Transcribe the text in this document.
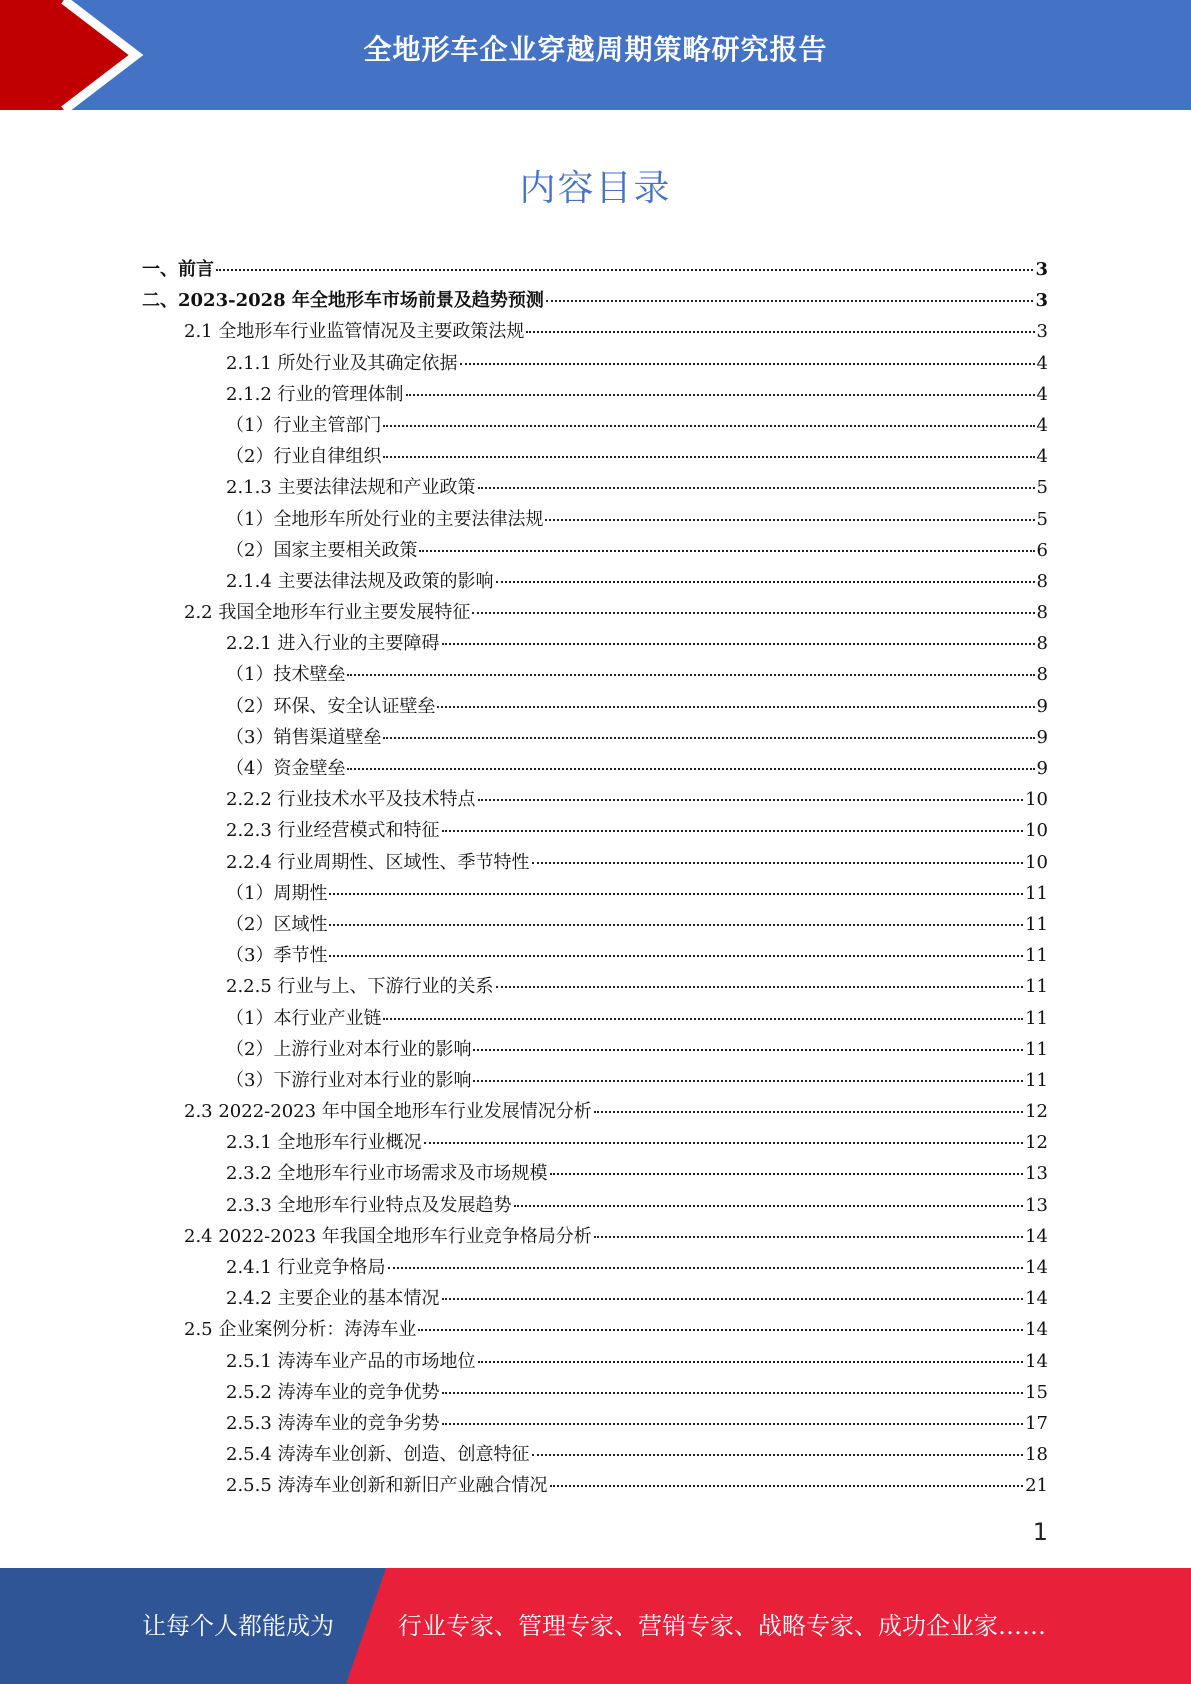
全地形车企业穿越周期策略研究报告
内容目录
一、前言	3
二、2023-2028 年全地形车市场前景及趋势预测	3
2.1 全地形车行业监管情况及主要政策法规	3
2.1.1 所处行业及其确定依据	4
2.1.2 行业的管理体制	4
（1）行业主管部门	4
（2）行业自律组织	4
2.1.3 主要法律法规和产业政策	5
（1）全地形车所处行业的主要法律法规	5
（2）国家主要相关政策	6
2.1.4 主要法律法规及政策的影响	8
2.2 我国全地形车行业主要发展特征	8
2.2.1 进入行业的主要障碍	8
（1）技术壁垒	8
（2）环保、安全认证壁垒	9
（3）销售渠道壁垒	9
（4）资金壁垒	9
2.2.2 行业技术水平及技术特点	10
2.2.3 行业经营模式和特征	10
2.2.4 行业周期性、区域性、季节特性	10
（1）周期性	11
（2）区域性	11
（3）季节性	11
2.2.5 行业与上、下游行业的关系	11
（1）本行业产业链	11
（2）上游行业对本行业的影响	11
（3）下游行业对本行业的影响	11
2.3 2022-2023 年中国全地形车行业发展情况分析	12
2.3.1 全地形车行业概况	12
2.3.2 全地形车行业市场需求及市场规模	13
2.3.3 全地形车行业特点及发展趋势	13
2.4 2022-2023 年我国全地形车行业竞争格局分析	14
2.4.1 行业竞争格局	14
2.4.2 主要企业的基本情况	14
2.5 企业案例分析：涛涛车业	14
2.5.1 涛涛车业产品的市场地位	14
2.5.2 涛涛车业的竞争优势	15
2.5.3 涛涛车业的竞争劣势	17
2.5.4 涛涛车业创新、创造、创意特征	18
2.5.5 涛涛车业创新和新旧产业融合情况	21
1
让每个人都能成为	行业专家、管理专家、营销专家、战略专家、成功企业家……
